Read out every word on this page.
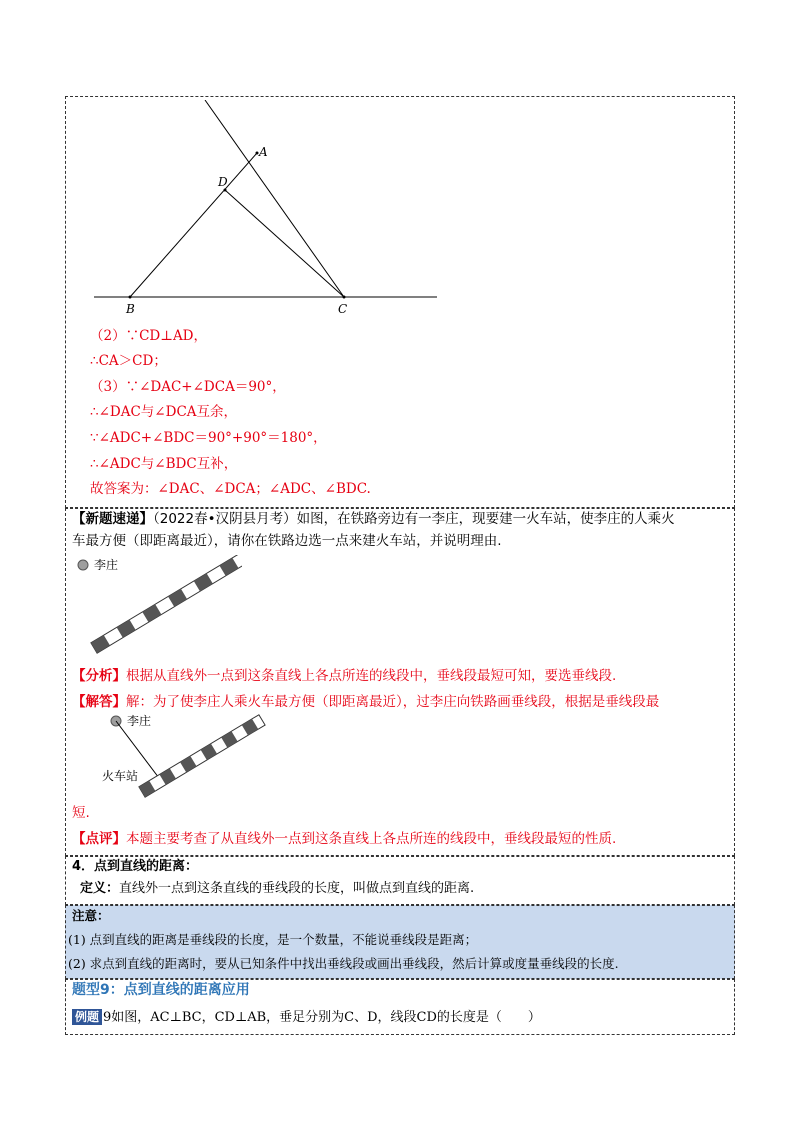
A
D
B	C
（2）∵CD⊥AD，
∴CA＞CD；
（3）∵∠DAC+∠DCA＝90°，
∴∠DAC与∠DCA互余，
∵∠ADC+∠BDC＝90°+90°＝180°，
∴∠ADC与∠BDC互补，
故答案为：∠DAC、∠DCA；∠ADC、∠BDC.
【新题速递】（2022春•汉阴县月考）如图，在铁路旁边有一李庄，现要建一火车站，使李庄的人乘火
车最方便（即距离最近），请你在铁路边选一点来建火车站，并说明理由.
李庄
【分析】根据从直线外一点到这条直线上各点所连的线段中，垂线段最短可知，要选垂线段.
【解答】解：为了使李庄人乘火车最方便（即距离最近），过李庄向铁路画垂线段，根据是垂线段最
李庄
火车站
短.
【点评】本题主要考查了从直线外一点到这条直线上各点所连的线段中，垂线段最短的性质.
4．点到直线的距离：
定义：直线外一点到这条直线的垂线段的长度，叫做点到直线的距离.
注意：
(1) 点到直线的距离是垂线段的长度，是一个数量，不能说垂线段是距离；
(2) 求点到直线的距离时，要从已知条件中找出垂线段或画出垂线段，然后计算或度量垂线段的长度.
题型9：点到直线的距离应用
例题 9如图，AC⊥BC，CD⊥AB，垂足分别为C、D，线段CD的长度是（　　）
